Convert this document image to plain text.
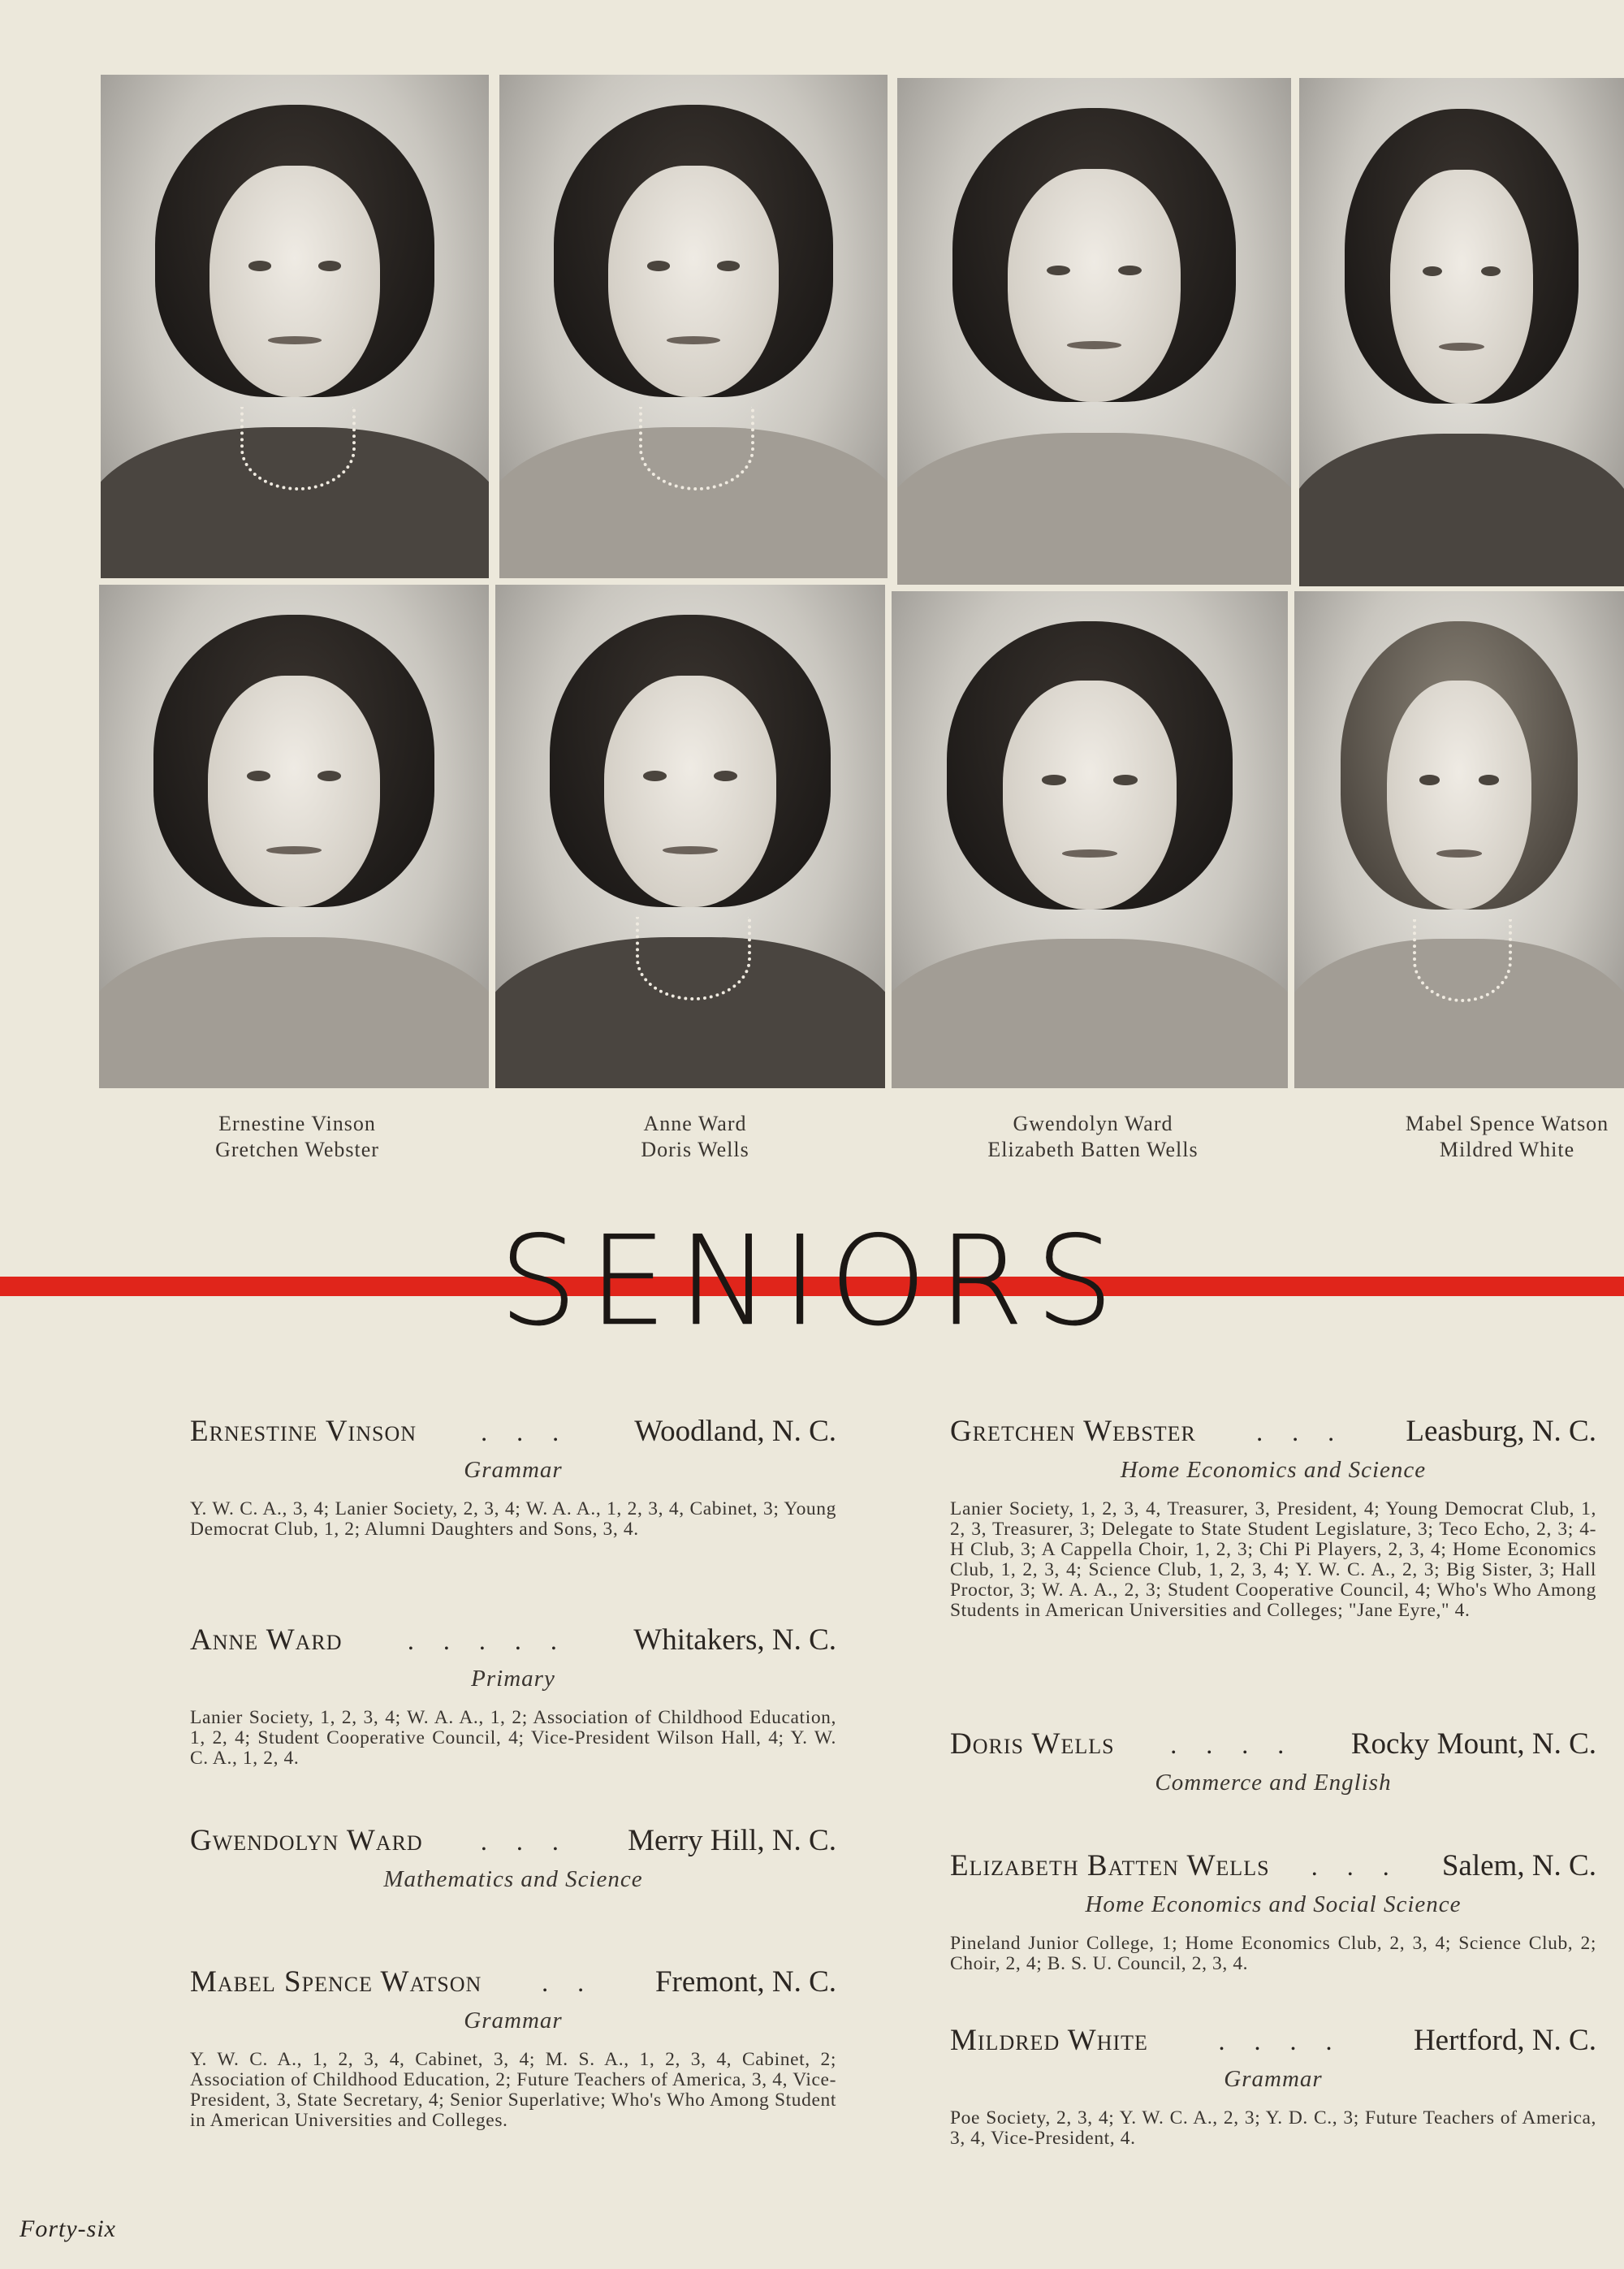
Ernestine Vinson
Gretchen Webster
Anne Ward
Doris Wells
Gwendolyn Ward
Elizabeth Batten Wells
Mabel Spence Watson
Mildred White
SENIORS
Ernestine Vinson	. . .	Woodland, N. C.
Grammar
Y. W. C. A., 3, 4; Lanier Society, 2, 3, 4; W. A. A., 1, 2, 3, 4, Cabinet, 3; Young Democrat Club, 1, 2; Alumni Daughters and Sons, 3, 4.
Anne Ward	. . . . .	Whitakers, N. C.
Primary
Lanier Society, 1, 2, 3, 4; W. A. A., 1, 2; Association of Childhood Education, 1, 2, 4; Student Cooperative Council, 4; Vice-President Wilson Hall, 4; Y. W. C. A., 1, 2, 4.
Gwendolyn Ward	. . .	Merry Hill, N. C.
Mathematics and Science
Mabel Spence Watson	. .	Fremont, N. C.
Grammar
Y. W. C. A., 1, 2, 3, 4, Cabinet, 3, 4; M. S. A., 1, 2, 3, 4, Cabinet, 2; Association of Childhood Education, 2; Future Teachers of America, 3, 4, Vice-President, 3, State Secretary, 4; Senior Superlative; Who's Who Among Student in American Universities and Colleges.
Gretchen Webster	. . .	Leasburg, N. C.
Home Economics and Science
Lanier Society, 1, 2, 3, 4, Treasurer, 3, President, 4; Young Democrat Club, 1, 2, 3, Treasurer, 3; Delegate to State Student Legislature, 3; Teco Echo, 2, 3; 4-H Club, 3; A Cappella Choir, 1, 2, 3; Chi Pi Players, 2, 3, 4; Home Economics Club, 1, 2, 3, 4; Science Club, 1, 2, 3, 4; Y. W. C. A., 2, 3; Big Sister, 3; Hall Proctor, 3; W. A. A., 2, 3; Student Cooperative Council, 4; Who's Who Among Students in American Universities and Colleges; "Jane Eyre," 4.
Doris Wells	. . . .	Rocky Mount, N. C.
Commerce and English
Elizabeth Batten Wells	. . .	Salem, N. C.
Home Economics and Social Science
Pineland Junior College, 1; Home Economics Club, 2, 3, 4; Science Club, 2; Choir, 2, 4; B. S. U. Council, 2, 3, 4.
Mildred White	. . . .	Hertford, N. C.
Grammar
Poe Society, 2, 3, 4; Y. W. C. A., 2, 3; Y. D. C., 3; Future Teachers of America, 3, 4, Vice-President, 4.
Forty-six
